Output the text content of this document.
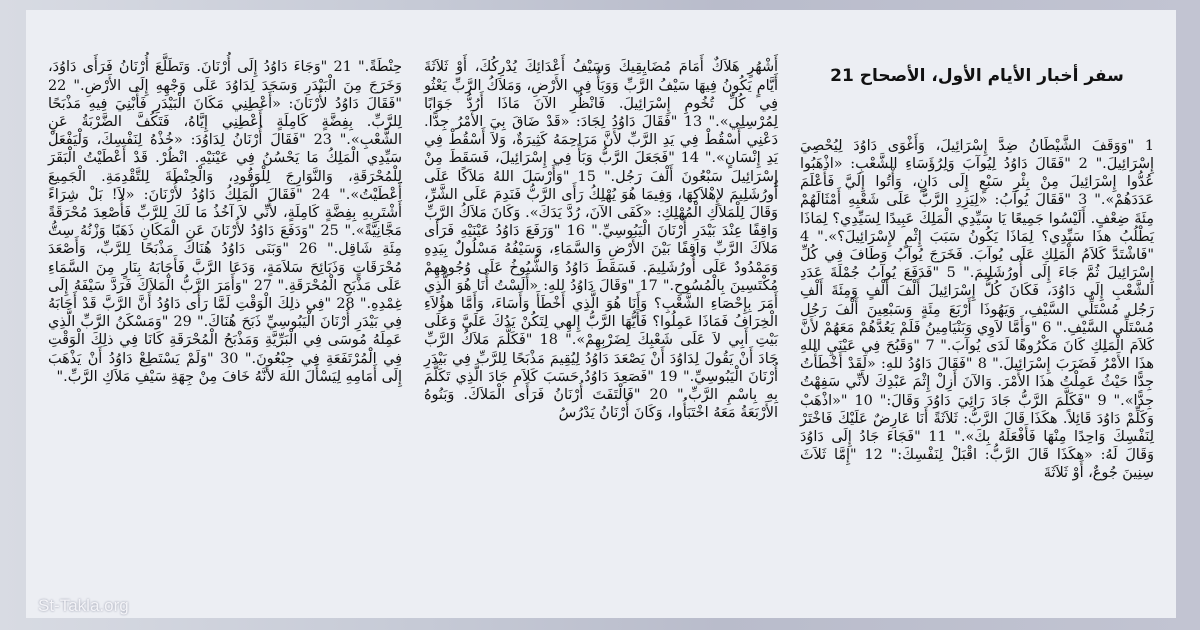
سفر أخبار الأيام الأول، الأصحاح 21

1 "وَوَقَفَ الشَّيْطَانُ ضِدَّ إِسْرَائِيلَ، وَأَغْوَى دَاوُدَ لِيُحْصِيَ إِسْرَائِيلَ." 2 "فَقَالَ دَاوُدُ لِيُوآبَ وَلِرُؤَسَاءِ الشَّعْبِ: «اذْهَبُوا عُدُّوا إِسْرَائِيلَ مِنْ بِئْرِ سَبْعٍ إِلَى دَانٍ، وَأْتُوا إِلَيَّ فَأَعْلَمَ عَدَدَهُمْ»." 3 "فَقَالَ يُوآبُ: «لِيَزِدِ الرَّبُّ عَلَى شَعْبِهِ أَمْثَالَهُمْ مِئَةَ ضِعْفٍ. أَلَيْسُوا جَمِيعًا يَا سَيِّدِي الْمَلِكَ عَبِيدًا لِسَيِّدِي؟ لِمَاذَا يَطْلُبُ هذَا سَيِّدِي؟ لِمَاذَا يَكُونُ سَبَبَ إِثْمٍ لإِسْرَائِيلَ؟»." 4 "فَاشْتَدَّ كَلاَمُ الْمَلِكِ عَلَى يُوآبَ. فَخَرَجَ يُوآبُ وَطَافَ فِي كُلِّ إِسْرَائِيلَ ثُمَّ جَاءَ إِلَى أُورُشَلِيمَ." 5 "فَدَفَعَ يُوآبُ جُمْلَةَ عَدَدِ الشَّعْبِ إِلَى دَاوُدَ، فَكَانَ كُلُّ إِسْرَائِيلَ أَلْفَ أَلْفٍ وَمِئَةَ أَلْفِ رَجُل مُسْتَلِّي السَّيْفِ، وَيَهُوذَا أَرْبَعَ مِئَةٍ وَسَبْعِينَ أَلْفَ رَجُل مُسْتَلِّي السَّيْفِ." 6 "وَأَمَّا لاَوِي وَبَنْيَامِينُ فَلَمْ يَعُدَّهُمْ مَعَهُمْ لأَنَّ كَلاَمَ الْمَلِكِ كَانَ مَكْرُوهًا لَدَى يُوآبَ." 7 "وَقَبُحَ فِي عَيْنَيِ اللهِ هذَا الأَمْرُ فَضَرَبَ إِسْرَائِيلَ." 8 "فَقَالَ دَاوُدُ للهِ: «لَقَدْ أَخْطَأْتُ جِدًّا حَيْثُ عَمِلْتُ هذَا الأَمْرَ. وَالآنَ أَزِلْ إِثْمَ عَبْدِكَ لأَنِّي سَفِهْتُ جِدًّا»." 9 "فَكَلَّمَ الرَّبُّ جَادَ رَائِيَ دَاوُدَ وَقَالَ:" 10 "«اذْهَبْ وَكَلِّمْ دَاوُدَ قَائِلاً. هكَذَا قَالَ الرَّبُّ: ثَلاَثَةً أَنَا عَارِضٌ عَلَيْكَ فَاخْتَرْ لِنَفْسِكَ وَاحِدًا مِنْهَا فَأَفْعَلَهُ بِكَ»." 11 "فَجَاءَ جَادُ إِلَى دَاوُدَ وَقَالَ لَهُ: «هكَذَا قَالَ الرَّبُّ: اقْبَلْ لِنَفْسِكَ:" 12 "إِمَّا ثَلاَثَ سِنِينَ جُوعٌ، أَوْ ثَلاَثَةَ

أَشْهُرٍ هَلاَكٌ أَمَامَ مُضَايِقِيكَ وَسَيْفُ أَعْدَائِكَ يُدْرِكُكَ، أَوْ ثَلاَثَةَ أَيَّامٍ يَكُونُ فِيهَا سَيْفُ الرَّبِّ وَوَبَأٌ فِي الأَرْضِ، وَمَلاَكُ الرَّبِّ يَعْثُو فِي كُلِّ تُخُومِ إِسْرَائِيلَ. فَانْظُرِ الآنَ مَاذَا أَرُدُّ جَوَابًا لِمُرْسِلِي»." 13 "فَقَالَ دَاوُدُ لِجَادَ: «قَدْ ضَاقَ بِيَ الأَمْرُ جِدًّا. دَعْنِي أَسْقُطْ فِي يَدِ الرَّبِّ لأَنَّ مَرَاحِمَهُ كَثِيرَةٌ، وَلاَ أَسْقُطْ فِي يَدِ إِنْسَانٍ»." 14 "فَجَعَلَ الرَّبُّ وَبَأً فِي إِسْرَائِيلَ، فَسَقَطَ مِنْ إِسْرَائِيلَ سَبْعُونَ أَلْفَ رَجُل." 15 "وَأَرْسَلَ اللهُ مَلاَكًا عَلَى أُورُشَلِيمَ لإِهْلاَكِهَا، وَفِيمَا هُوَ يُهْلِكُ رَأَى الرَّبُّ فَنَدِمَ عَلَى الشَّرِّ، وَقَالَ لِلْمَلاَكِ الْمُهْلِكِ: «كَفَى الآنَ، رُدَّ يَدَكَ». وَكَانَ مَلاَكُ الرَّبِّ وَاقِفًا عِنْدَ بَيْدَرِ أُرْنَانَ الْيَبُوسِيِّ." 16 "وَرَفَعَ دَاوُدُ عَيْنَيْهِ فَرَأَى مَلاَكَ الرَّبِّ وَاقِفًا بَيْنَ الأَرْضِ وَالسَّمَاءِ، وَسَيْفُهُ مَسْلُولٌ بِيَدِهِ وَمَمْدُودٌ عَلَى أُورُشَلِيمَ. فَسَقَطَ دَاوُدُ وَالشُّيُوخُ عَلَى وُجُوهِهِمْ مُكْتَسِينَ بِالْمُسُوحِ." 17 "وَقَالَ دَاوُدُ للهِ: «أَلَسْتُ أَنَا هُوَ الَّذِي أَمَرَ بِإِحْصَاءِ الشَّعْبِ؟ وَأَنَا هُوَ الَّذِي أَخْطَأَ وَأَسَاءَ، وَأَمَّا هؤُلاَءِ الْخِرَافُ فَمَاذَا عَمِلُوا؟ فَأَيُّهَا الرَّبُّ إِلهِي لِتَكُنْ يَدُكَ عَلَيَّ وَعَلَى بَيْتِ أَبِي لاَ عَلَى شَعْبِكَ لِضَرْبِهِمْ»." 18 "فَكَلَّمَ مَلاَكُ الرَّبِّ جَادَ أَنْ يَقُولَ لِدَاوُدَ أَنْ يَصْعَدَ دَاوُدُ لِيُقِيمَ مَذْبَحًا لِلرَّبِّ فِي بَيْدَرِ أُرْنَانَ الْيَبُوسِيِّ." 19 "فَصَعِدَ دَاوُدُ حَسَبَ كَلاَمِ جَادَ الَّذِي تَكَلَّمَ بِهِ بِاسْمِ الرَّبِّ." 20 "فَالْتَفَتَ أُرْنَانُ فَرَأَى الْمَلاَكَ. وَبَنُوهُ الأَرْبَعَةُ مَعَهُ اخْتَبَأُوا، وَكَانَ أُرْنَانُ يَدْرُسُ

حِنْطَةً." 21 "وَجَاءَ دَاوُدُ إِلَى أُرْنَانَ. وَتَطَلَّعَ أُرْنَانُ فَرَأَى دَاوُدَ، وَخَرَجَ مِنَ الْبَيْدَرِ وَسَجَدَ لِدَاوُدَ عَلَى وَجْهِهِ إِلَى الأَرْضِ." 22 "فَقَالَ دَاوُدُ لأُرْنَانَ: «أَعْطِنِي مَكَانَ الْبَيْدَرِ فَأَبْنِيَ فِيهِ مَذْبَحًا لِلرَّبِّ. بِفِضَّةٍ كَامِلَةٍ أَعْطِنِي إِيَّاهُ، فَتَكُفَّ الضَّرْبَةُ عَنِ الشَّعْبِ»." 23 "فَقَالَ أُرْنَانُ لِدَاوُدَ: «خُذْهُ لِنَفْسِكَ، وَلْيَفْعَلْ سَيِّدِي الْمَلِكُ مَا يَحْسُنُ فِي عَيْنَيْهِ. انْظُرْ. قَدْ أَعْطَيْتُ الْبَقَرَ لِلْمُحْرَقَةِ، وَالنَّوَارِجَ لِلْوَقُودِ، وَالْحِنْطَةَ لِلتَّقْدِمَةِ. الْجَمِيعَ أَعْطَيْتُ»." 24 "فَقَالَ الْمَلِكُ دَاوُدُ لأُرْنَانَ: «لاَ! بَلْ شِرَاءً أَشْتَرِيهِ بِفِضَّةٍ كَامِلَةٍ، لأَنِّي لاَ آخُذُ مَا لَكَ لِلرَّبِّ فَأُصْعِدَ مُحْرَقَةً مَجَّانِيَّةً»." 25 "وَدَفَعَ دَاوُدُ لأُرْنَانَ عَنِ الْمَكَانِ ذَهَبًا وَزْنُهُ سِتُّ مِئَةِ شَاقِل." 26 "وَبَنَى دَاوُدُ هُنَاكَ مَذْبَحًا لِلرَّبِّ، وَأَصْعَدَ مُحْرَقَاتٍ وَذَبَائِحَ سَلاَمَةٍ، وَدَعَا الرَّبَّ فَأَجَابَهُ بِنَارٍ مِنَ السَّمَاءِ عَلَى مَذْبَحِ الْمُحْرَقَةِ." 27 "وَأَمَرَ الرَّبُّ الْمَلاَكَ فَرَدَّ سَيْفَهُ إِلَى غِمْدِهِ." 28 "فِي ذلِكَ الْوَقْتِ لَمَّا رَأَى دَاوُدُ أَنَّ الرَّبَّ قَدْ أَجَابَهُ فِي بَيْدَرِ أُرْنَانَ الْيَبُوسِيِّ ذَبَحَ هُنَاكَ." 29 "وَمَسْكَنُ الرَّبِّ الَّذِي عَمِلَهُ مُوسَى فِي الْبَرِّيَّةِ وَمَذْبَحُ الْمُحْرَقَةِ كَانَا فِي ذلِكَ الْوَقْتِ فِي الْمُرْتَفَعَةِ فِي جِبْعُونَ." 30 "وَلَمْ يَسْتَطِعْ دَاوُدُ أَنْ يَذْهَبَ إِلَى أَمَامِهِ لِيَسْأَلَ اللهَ لأَنَّهُ خَافَ مِنْ جِهَةِ سَيْفِ مَلاَكِ الرَّبِّ."

St-Takla.org
